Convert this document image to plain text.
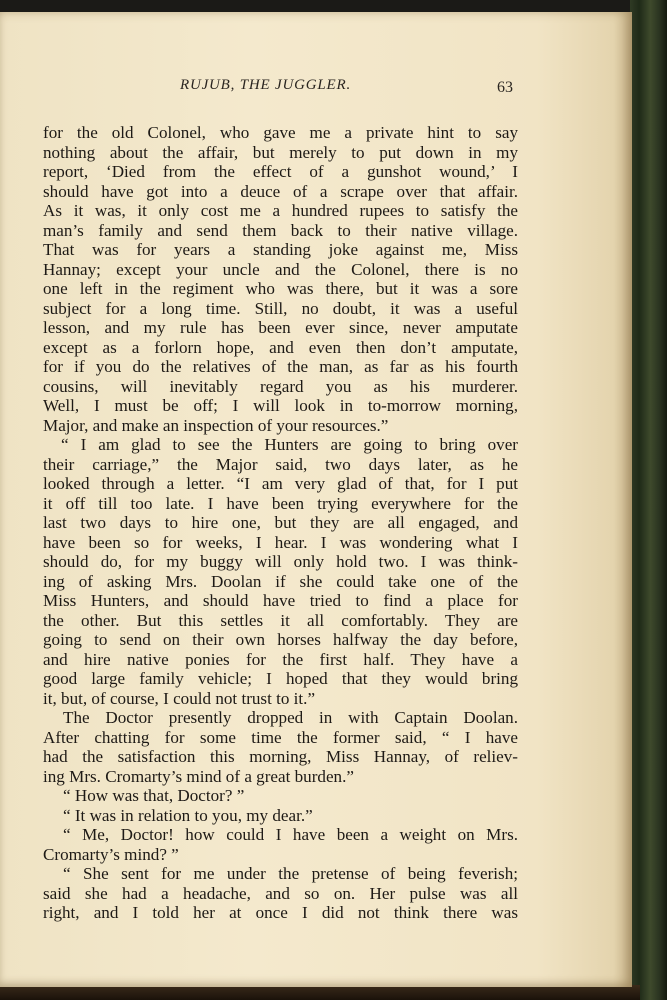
RUJUB, THE JUGGLER.	63
for the old Colonel, who gave me a private hint to say
nothing about the affair, but merely to put down in my
report, ‘Died from the effect of a gunshot wound,’ I
should have got into a deuce of a scrape over that affair.
As it was, it only cost me a hundred rupees to satisfy the
man’s family and send them back to their native village.
That was for years a standing joke against me, Miss
Hannay; except your uncle and the Colonel, there is no
one left in the regiment who was there, but it was a sore
subject for a long time. Still, no doubt, it was a useful
lesson, and my rule has been ever since, never amputate
except as a forlorn hope, and even then don’t amputate,
for if you do the relatives of the man, as far as his fourth
cousins, will inevitably regard you as his murderer.
Well, I must be off; I will look in to-morrow morning,
Major, and make an inspection of your resources.”
“ I am glad to see the Hunters are going to bring over
their carriage,” the Major said, two days later, as he
looked through a letter. “I am very glad of that, for I put
it off till too late. I have been trying everywhere for the
last two days to hire one, but they are all engaged, and
have been so for weeks, I hear. I was wondering what I
should do, for my buggy will only hold two. I was think-
ing of asking Mrs. Doolan if she could take one of the
Miss Hunters, and should have tried to find a place for
the other. But this settles it all comfortably. They are
going to send on their own horses halfway the day before,
and hire native ponies for the first half. They have a
good large family vehicle; I hoped that they would bring
it, but, of course, I could not trust to it.”
The Doctor presently dropped in with Captain Doolan.
After chatting for some time the former said, “ I have
had the satisfaction this morning, Miss Hannay, of reliev-
ing Mrs. Cromarty’s mind of a great burden.”
“ How was that, Doctor? ”
“ It was in relation to you, my dear.”
“ Me, Doctor! how could I have been a weight on Mrs.
Cromarty’s mind? ”
“ She sent for me under the pretense of being feverish;
said she had a headache, and so on. Her pulse was all
right, and I told her at once I did not think there was
